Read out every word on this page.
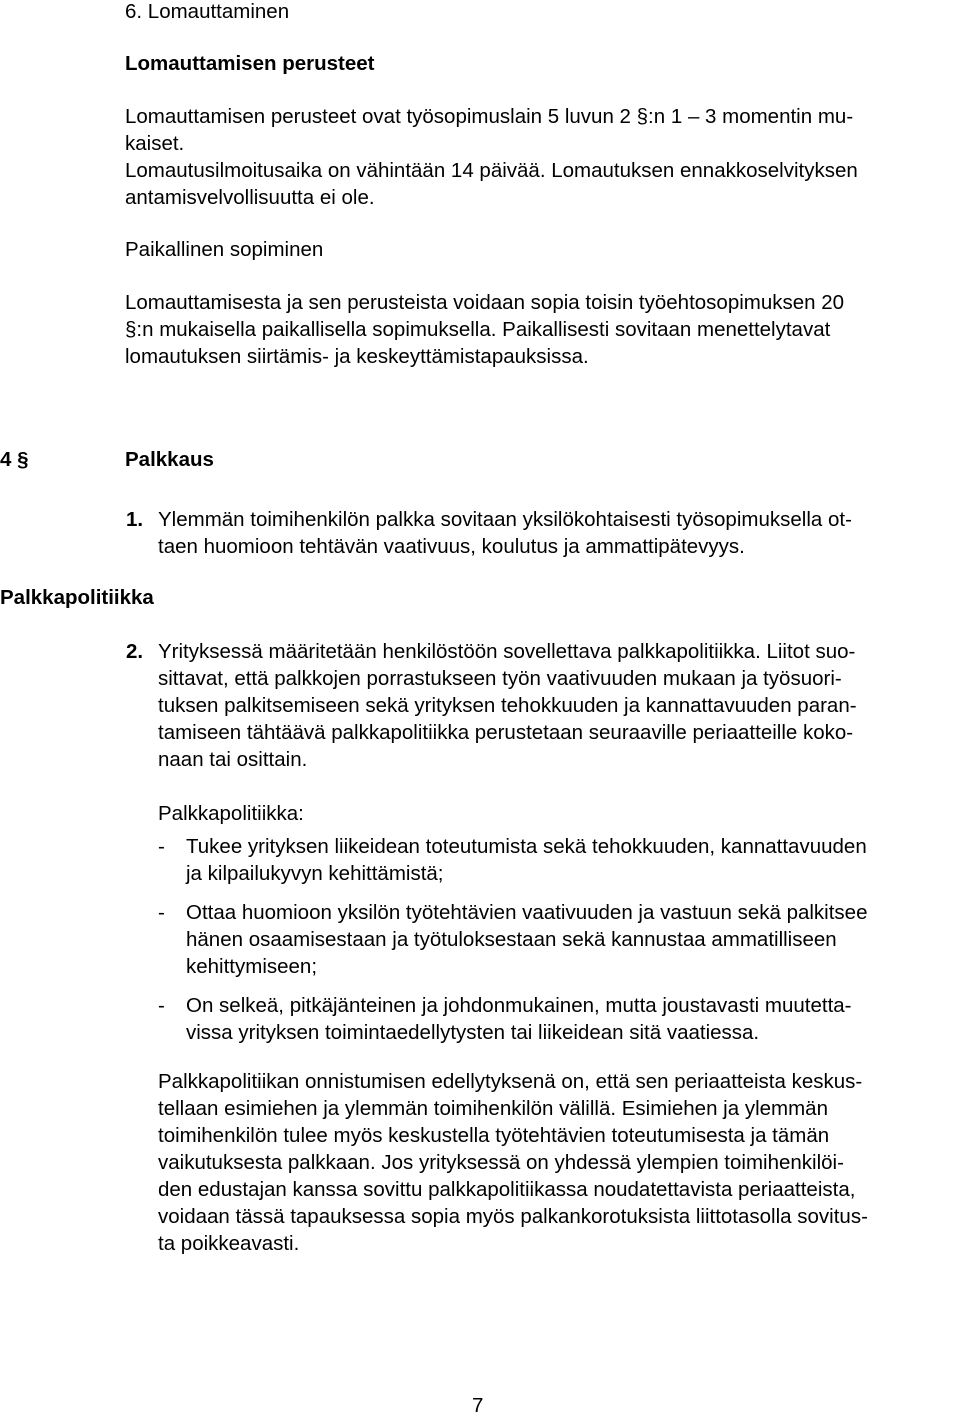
6. Lomauttaminen
Lomauttamisen perusteet
Lomauttamisen perusteet ovat työsopimuslain 5 luvun 2 §:n 1 – 3 momentin mu-
kaiset.
Lomautusilmoitusaika on vähintään 14 päivää. Lomautuksen ennakkoselvityksen
antamisvelvollisuutta ei ole.
Paikallinen sopiminen
Lomauttamisesta ja sen perusteista voidaan sopia toisin työehtosopimuksen 20
§:n mukaisella paikallisella sopimuksella. Paikallisesti sovitaan menettelytavat
lomautuksen siirtämis- ja keskeyttämistapauksissa.
4 §	Palkkaus
1. Ylemmän toimihenkilön palkka sovitaan yksilökohtaisesti työsopimuksella ot-
taen huomioon tehtävän vaativuus, koulutus ja ammattipätevyys.
Palkkapolitiikka
2. Yrityksessä määritetään henkilöstöön sovellettava palkkapolitiikka. Liitot suo-
sittavat, että palkkojen porrastukseen työn vaativuuden mukaan ja työsuori-
tuksen palkitsemiseen sekä yrityksen tehokkuuden ja kannattavuuden paran-
tamiseen tähtäävä palkkapolitiikka perustetaan seuraaville periaatteille koko-
naan tai osittain.
Palkkapolitiikka:
- Tukee yrityksen liikeidean toteutumista sekä tehokkuuden, kannattavuuden
ja kilpailukyvyn kehittämistä;
- Ottaa huomioon yksilön työtehtävien vaativuuden ja vastuun sekä palkitsee
hänen osaamisestaan ja työtuloksestaan sekä kannustaa ammatilliseen
kehittymiseen;
- On selkeä, pitkäjänteinen ja johdonmukainen, mutta joustavasti muutetta-
vissa yrityksen toimintaedellytysten tai liikeidean sitä vaatiessa.
Palkkapolitiikan onnistumisen edellytyksenä on, että sen periaatteista keskus-
tellaan esimiehen ja ylemmän toimihenkilön välillä. Esimiehen ja ylemmän
toimihenkilön tulee myös keskustella työtehtävien toteutumisesta ja tämän
vaikutuksesta palkkaan. Jos yrityksessä on yhdessä ylempien toimihenkilöi-
den edustajan kanssa sovittu palkkapolitiikassa noudatettavista periaatteista,
voidaan tässä tapauksessa sopia myös palkankorotuksista liittotasolla sovitus-
ta poikkeavasti.
7
